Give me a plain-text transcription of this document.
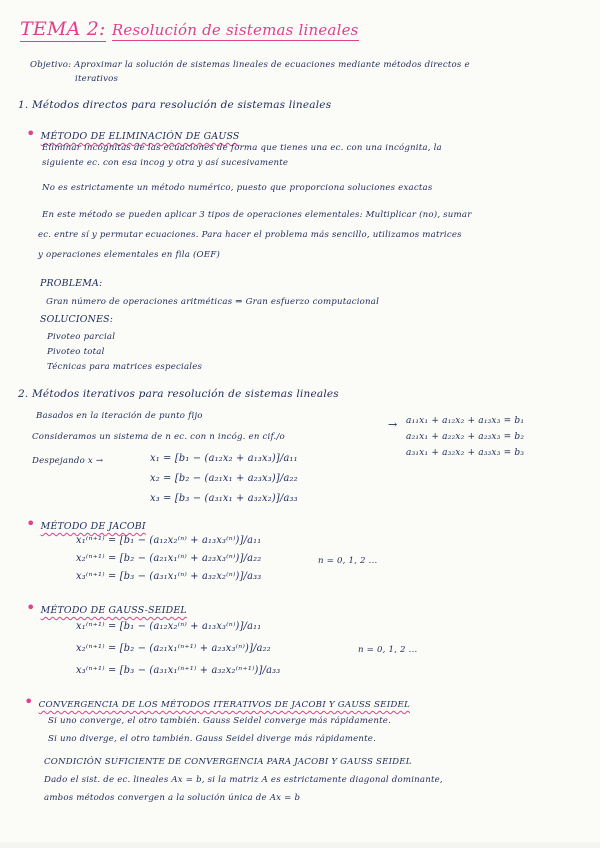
TEMA 2: Resolución de sistemas lineales
Objetivo: Aproximar la solución de sistemas lineales de ecuaciones mediante métodos directos e
iterativos
1. Métodos directos para resolución de sistemas lineales
• MÉTODO DE ELIMINACIÓN DE GAUSS
Eliminar incógnitas de las ecuaciones de forma que tienes una ec. con una incógnita, la
siguiente ec. con esa incog y otra y así sucesivamente
No es estrictamente un método numérico, puesto que proporciona soluciones exactas
En este método se pueden aplicar 3 tipos de operaciones elementales: Multiplicar (no), sumar
ec. entre sí y permutar ecuaciones. Para hacer el problema más sencillo, utilizamos matrices
y operaciones elementales en fila (OEF)
PROBLEMA:
Gran número de operaciones aritméticas ⇒ Gran esfuerzo computacional
SOLUCIONES:
Pivoteo parcial
Pivoteo total
Técnicas para matrices especiales
2. Métodos iterativos para resolución de sistemas lineales
Basados en la iteración de punto fijo
Consideramos un sistema de n ec. con n incóg. en cif./o
a₁₁x₁ + a₁₂x₂ + a₁₃x₃ = b₁
a₂₁x₁ + a₂₂x₂ + a₂₃x₃ = b₂
a₃₁x₁ + a₃₂x₂ + a₃₃x₃ = b₃
→
Despejando x →	x₁ = [b₁ − (a₁₂x₂ + a₁₃x₃)]/a₁₁
x₂ = [b₂ − (a₂₁x₁ + a₂₃x₃)]/a₂₂
x₃ = [b₃ − (a₃₁x₁ + a₃₂x₂)]/a₃₃
• MÉTODO DE JACOBI
x₁⁽ⁿ⁺¹⁾ = [b₁ − (a₁₂x₂⁽ⁿ⁾ + a₁₃x₃⁽ⁿ⁾)]/a₁₁
x₂⁽ⁿ⁺¹⁾ = [b₂ − (a₂₁x₁⁽ⁿ⁾ + a₂₃x₃⁽ⁿ⁾)]/a₂₂
x₃⁽ⁿ⁺¹⁾ = [b₃ − (a₃₁x₁⁽ⁿ⁾ + a₃₂x₂⁽ⁿ⁾)]/a₃₃
n = 0, 1, 2 ...
• MÉTODO DE GAUSS-SEIDEL
x₁⁽ⁿ⁺¹⁾ = [b₁ − (a₁₂x₂⁽ⁿ⁾ + a₁₃x₃⁽ⁿ⁾)]/a₁₁
x₂⁽ⁿ⁺¹⁾ = [b₂ − (a₂₁x₁⁽ⁿ⁺¹⁾ + a₂₃x₃⁽ⁿ⁾)]/a₂₂
x₃⁽ⁿ⁺¹⁾ = [b₃ − (a₃₁x₁⁽ⁿ⁺¹⁾ + a₃₂x₂⁽ⁿ⁺¹⁾)]/a₃₃
n = 0, 1, 2 ...
• CONVERGENCIA DE LOS MÉTODOS ITERATIVOS DE JACOBI Y GAUSS SEIDEL
Si uno converge, el otro también. Gauss Seidel converge más rápidamente.
Si uno diverge, el otro también. Gauss Seidel diverge más rápidamente.
CONDICIÓN SUFICIENTE DE CONVERGENCIA PARA JACOBI Y GAUSS SEIDEL
Dado el sist. de ec. lineales Ax = b, si la matriz A es estrictamente diagonal dominante,
ambos métodos convergen a la solución única de Ax = b
